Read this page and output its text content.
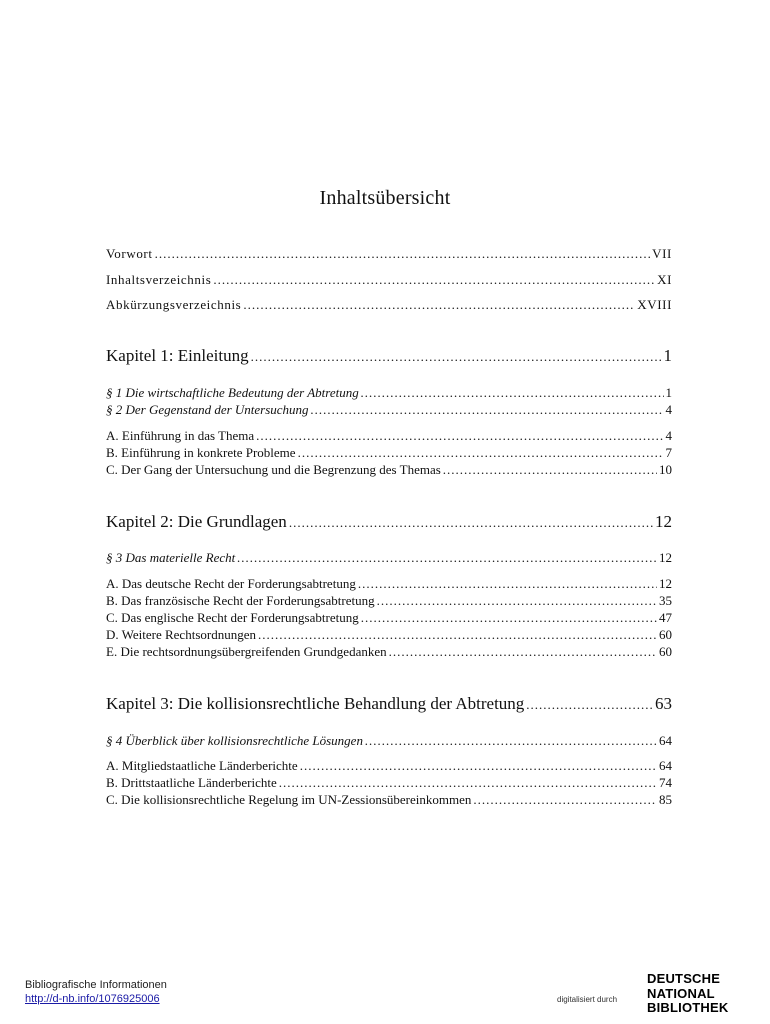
Inhaltsübersicht
Vorwort .....	VII
Inhaltsverzeichnis .....	XI
Abkürzungsverzeichnis .....	XVIII
Kapitel 1: Einleitung .....	1
§ 1 Die wirtschaftliche Bedeutung der Abtretung .....	1
§ 2 Der Gegenstand der Untersuchung .....	4
A. Einführung in das Thema .....	4
B. Einführung in konkrete Probleme .....	7
C. Der Gang der Untersuchung und die Begrenzung des Themas .....	10
Kapitel 2: Die Grundlagen .....	12
§ 3 Das materielle Recht .....	12
A. Das deutsche Recht der Forderungsabtretung .....	12
B. Das französische Recht der Forderungsabtretung .....	35
C. Das englische Recht der Forderungsabtretung .....	47
D. Weitere Rechtsordnungen .....	60
E. Die rechtsordnungsübergreifenden Grundgedanken .....	60
Kapitel 3: Die kollisionsrechtliche Behandlung der Abtretung .....	63
§ 4 Überblick über kollisionsrechtliche Lösungen .....	64
A. Mitgliedstaatliche Länderberichte .....	64
B. Drittstaatliche Länderberichte .....	74
C. Die kollisionsrechtliche Regelung im UN-Zessionsübereinkommen .....	85
Bibliografische Informationen
http://d-nb.info/1076925006	digitalisiert durch
DEUTSCHE
NATIONAL
BIBLIOTHEK
